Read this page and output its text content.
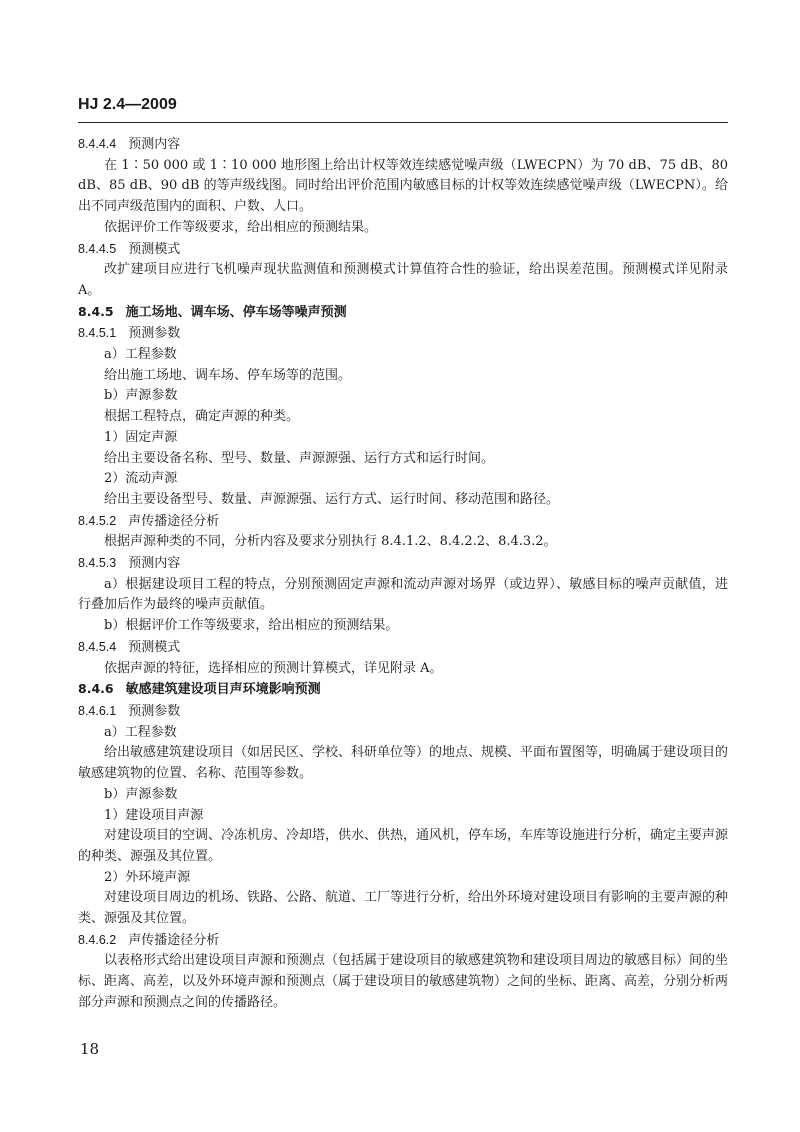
HJ 2.4—2009

8.4.4.4 预测内容

在 1∶50 000 或 1∶10 000 地形图上给出计权等效连续感觉噪声级（LWECPN）为 70 dB、75 dB、80 dB、85 dB、90 dB 的等声级线图。同时给出评价范围内敏感目标的计权等效连续感觉噪声级（LWECPN）。给出不同声级范围内的面积、户数、人口。

依据评价工作等级要求，给出相应的预测结果。

8.4.4.5 预测模式

改扩建项目应进行飞机噪声现状监测值和预测模式计算值符合性的验证，给出误差范围。预测模式详见附录 A。

8.4.5 施工场地、调车场、停车场等噪声预测

8.4.5.1 预测参数

a）工程参数

给出施工场地、调车场、停车场等的范围。

b）声源参数

根据工程特点，确定声源的种类。

1）固定声源

给出主要设备名称、型号、数量、声源源强、运行方式和运行时间。

2）流动声源

给出主要设备型号、数量、声源源强、运行方式、运行时间、移动范围和路径。

8.4.5.2 声传播途径分析

根据声源种类的不同，分析内容及要求分别执行 8.4.1.2、8.4.2.2、8.4.3.2。

8.4.5.3 预测内容

a）根据建设项目工程的特点，分别预测固定声源和流动声源对场界（或边界）、敏感目标的噪声贡献值，进行叠加后作为最终的噪声贡献值。

b）根据评价工作等级要求，给出相应的预测结果。

8.4.5.4 预测模式

依据声源的特征，选择相应的预测计算模式，详见附录 A。

8.4.6 敏感建筑建设项目声环境影响预测

8.4.6.1 预测参数

a）工程参数

给出敏感建筑建设项目（如居民区、学校、科研单位等）的地点、规模、平面布置图等，明确属于建设项目的敏感建筑物的位置、名称、范围等参数。

b）声源参数

1）建设项目声源

对建设项目的空调、冷冻机房、冷却塔，供水、供热，通风机，停车场，车库等设施进行分析，确定主要声源的种类、源强及其位置。

2）外环境声源

对建设项目周边的机场、铁路、公路、航道、工厂等进行分析，给出外环境对建设项目有影响的主要声源的种类、源强及其位置。

8.4.6.2 声传播途径分析

以表格形式给出建设项目声源和预测点（包括属于建设项目的敏感建筑物和建设项目周边的敏感目标）间的坐标、距离、高差，以及外环境声源和预测点（属于建设项目的敏感建筑物）之间的坐标、距离、高差，分别分析两部分声源和预测点之间的传播路径。

18
